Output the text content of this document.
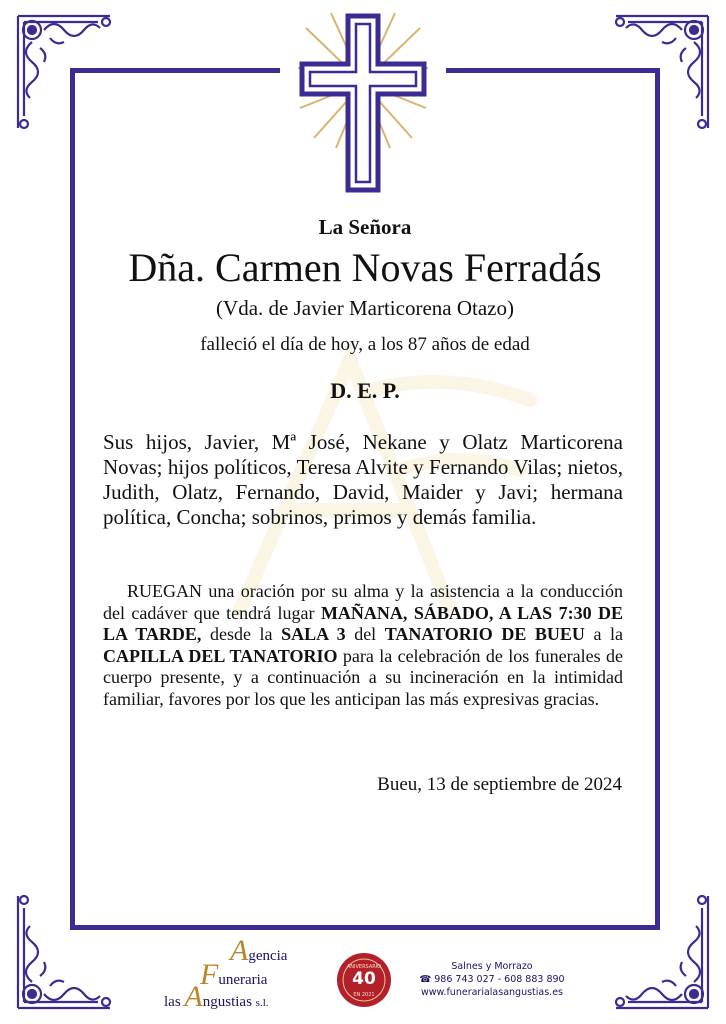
La Señora
Dña. Carmen Novas Ferradás
(Vda. de Javier Marticorena Otazo)
falleció el día de hoy, a los 87 años de edad
D. E. P.
Sus hijos, Javier, Mª José, Nekane y Olatz Marticorena Novas; hijos políticos, Teresa Alvite y Fernando Vilas; nietos, Judith, Olatz, Fernando, David, Maider y Javi; hermana política, Concha; sobrinos, primos y demás familia.
RUEGAN una oración por su alma y la asistencia a la conducción del cadáver que tendrá lugar MAÑANA, SÁBADO, A LAS 7:30 DE LA TARDE, desde la SALA 3 del TANATORIO DE BUEU a la CAPILLA DEL TANATORIO para la celebración de los funerales de cuerpo presente, y a continuación a su incineración en la intimidad familiar, favores por los que les anticipan las más expresivas gracias.
Bueu, 13 de septiembre de 2024
Agencia
Funeraria
las Angustias s.l.
ANIVERSARIO
40
EN 2021
Salnes y Morrazo
☎ 986 743 027 - 608 883 890
www.funerarialasangustias.es
